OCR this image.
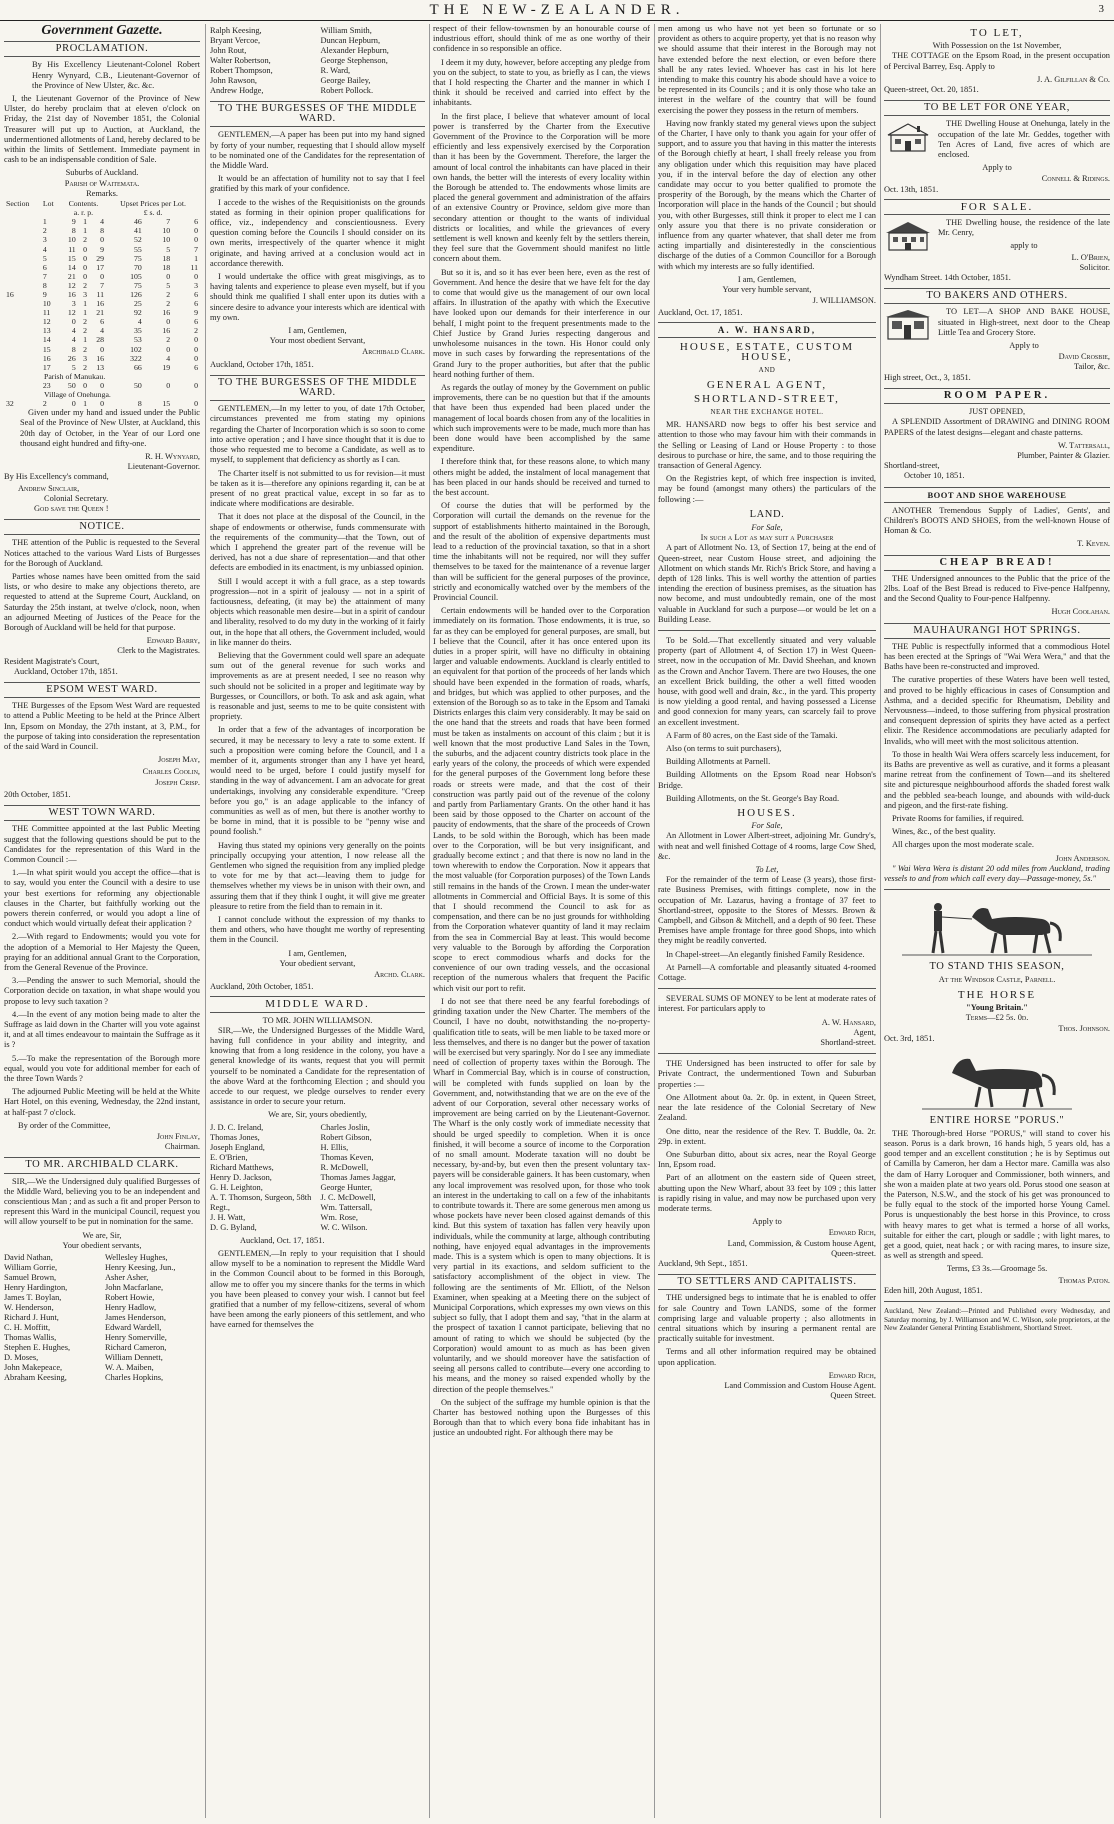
THE NEW-ZEALANDER.	3
Government Gazette.
PROCLAMATION.

By His Excellency Lieutenant-Colonel Robert Henry Wynyard, C.B., Lieutenant-Governor of the Province of New Ulster, &c. &c.

I, the Lieutenant Governor of the Province of New Ulster, do hereby proclaim that at eleven o'clock on Friday, the 21st day of November 1851, the Colonial Treasurer will put up to Auction, at Auckland, the undermentioned allotments of Land, hereby declared to be within the limits of Settlement. Immediate payment in cash to be an indispensable condition of Sale.

Suburbs of Auckland.
Parish of Waitemata.
Remarks.
Section	Lot	Contents.			Upset Prices per Lot.		
		a. r. p.			£ s. d.		
	1	9	1	4	46	7	6
	2	8	1	8	41	10	0
	3	10	2	0	52	10	0
	4	11	0	9	55	5	7
	5	15	0	29	75	18	1
	6	14	0	17	70	18	11
	7	21	0	0	105	0	0
	8	12	2	7	75	5	3
16	9	16	3	11	126	2	6
	10	3	1	16	25	2	6
	11	12	1	21	92	16	9
	12	0	2	6	4	0	6
	13	4	2	4	35	16	2
	14	4	1	28	53	2	0
	15	8	2	0	102	0	0
	16	26	3	16	322	4	0
	17	5	2	13	66	19	6
Parish of Manukau.							
	23	50	0	0	50	0	0
Village of Onehunga.							
32	2	0	1	0	8	15	0

Given under my hand and issued under the Public Seal of the Province of New Ulster, at Auckland, this 20th day of October, in the Year of our Lord one thousand eight hundred and fifty-one.

R. H. Wynyard,
Lieutenant-Governor.
By His Excellency's command,
Andrew Sinclair,
Colonial Secretary.
God save the Queen !
NOTICE.

THE attention of the Public is requested to the Several Notices attached to the various Ward Lists of Burgesses for the Borough of Auckland.

Parties whose names have been omitted from the said lists, or who desire to make any objections thereto, are requested to attend at the Supreme Court, Auckland, on Saturday the 25th instant, at twelve o'clock, noon, when an adjourned Meeting of Justices of the Peace for the Borough of Auckland will be held for that purpose.

Edward Barry,
Clerk to the Magistrates.
Resident Magistrate's Court,
Auckland, October 17th, 1851.
EPSOM WEST WARD.

THE Burgesses of the Epsom West Ward are requested to attend a Public Meeting to be held at the Prince Albert Inn, Epsom on Monday, the 27th instant, at 3, P.M., for the purpose of taking into consideration the representation of the said Ward in Council.

Joseph May,
Charles Coolin,
Joseph Crisp.
20th October, 1851.
WEST TOWN WARD.

THE Committee appointed at the last Public Meeting suggest that the following questions should be put to the Candidates for the representation of this Ward in the Common Council :—

1.—In what spirit would you accept the office—that is to say, would you enter the Council with a desire to use your best exertions for reforming any objectionable clauses in the Charter, but faithfully working out the powers therein conferred, or would you adopt a line of conduct which would virtually defeat their application ?

2.—With regard to Endowments; would you vote for the adoption of a Memorial to Her Majesty the Queen, praying for an additional annual Grant to the Corporation, from the General Revenue of the Province.

3.—Pending the answer to such Memorial, should the Corporation decide on taxation, in what shape would you propose to levy such taxation ?

4.—In the event of any motion being made to alter the Suffrage as laid down in the Charter will you vote against it, and at all times endeavour to maintain the Suffrage as it is ?

5.—To make the representation of the Borough more equal, would you vote for additional member for each of the three Town Wards ?

The adjourned Public Meeting will be held at the White Hart Hotel, on this evening, Wednesday, the 22nd instant, at half-past 7 o'clock.

By order of the Committee,
John Finlay,
Chairman.
TO MR. ARCHIBALD CLARK.

SIR,—We the Undersigned duly qualified Burgesses of the Middle Ward, believing you to be an independent and conscientious Man ; and as such a fit and proper Person to represent this Ward in the municipal Council, request you will allow yourself to be put in nomination for the same.

We are, Sir,
Your obedient servants,
David Nathan,
William Gorrie,
Samuel Brown,
Henry Hardington,
James T. Boylan,
W. Henderson,
Richard J. Hunt,
C. H. Moffitt,
Thomas Wallis,
Stephen E. Hughes,
D. Moses,
John Makepeace,
Abraham Keesing,
Wellesley Hughes,
Henry Keesing, Jun.,
Asher Asher,
John Macfarlane,
Robert Howie,
Henry Hadlow,
James Henderson,
Edward Wardell,
Henry Somerville,
Richard Cameron,
William Dennett,
W. A. Maiben,
Charles Hopkins,
Ralph Keesing,
Bryant Vercoe,
John Rout,
Walter Robertson,
Robert Thompson,
John Rawson,
Andrew Hodge,
William Smith,
Duncan Hepburn,
Alexander Hepburn,
George Stephenson,
R. Ward,
George Bailey,
Robert Pollock.
TO THE BURGESSES OF THE MIDDLE WARD.

GENTLEMEN,—A paper has been put into my hand signed by forty of your number, requesting that I should allow myself to be nominated one of the Candidates for the representation of the Middle Ward.

It would be an affectation of humility not to say that I feel gratified by this mark of your confidence.

I accede to the wishes of the Requisitionists on the grounds stated as forming in their opinion proper qualifications for office, viz., independency and conscientiousness. Every question coming before the Councils I should consider on its own merits, irrespectively of the quarter whence it might originate, and having arrived at a conclusion would act in accordance therewith.

I would undertake the office with great misgivings, as to having talents and experience to please even myself, but if you should think me qualified I shall enter upon its duties with a sincere desire to advance your interests which are identical with my own.

I am, Gentlemen,
Your most obedient Servant,
Archibald Clark.
Auckland, October 17th, 1851.
TO THE BURGESSES OF THE MIDDLE WARD.

GENTLEMEN,—In my letter to you, of date 17th October, circumstances prevented me from stating my opinions regarding the Charter of Incorporation which is so soon to come into active operation ; and I have since thought that it is due to those who requested me to become a Candidate, as well as to myself, to supplement that deficiency as shortly as I can.

The Charter itself is not submitted to us for revision—it must be taken as it is—therefore any opinions regarding it, can be at present of no great practical value, except in so far as to indicate where modifications are desirable.

That it does not place at the disposal of the Council, in the shape of endowments or otherwise, funds commensurate with the requirements of the community—that the Town, out of which I apprehend the greater part of the revenue will be derived, has not a due share of representation—and that other defects are embodied in its enactment, is my unbiassed opinion.

Still I would accept it with a full grace, as a step towards progression—not in a spirit of jealousy — not in a spirit of factiousness, defeating, (it may be) the attainment of many objects which reasonable men desire—but in a spirit of candour and liberality, resolved to do my duty in the working of it fairly out, in the hope that all others, the Government included, would in like manner do theirs.

Believing that the Government could well spare an adequate sum out of the general revenue for such works and improvements as are at present needed, I see no reason why such should not be solicited in a proper and legitimate way by Burgesses, or Councillors, or both. To ask and ask again, what is reasonable and just, seems to me to be quite consistent with propriety.

In order that a few of the advantages of incorporation be secured, it may be necessary to levy a rate to some extent. If such a proposition were coming before the Council, and I a member of it, arguments stronger than any I have yet heard, would need to be urged, before I could justify myself for standing in the way of advancement. I am an advocate for great undertakings, involving any considerable expenditure. "Creep before you go," is an adage applicable to the infancy of communities as well as of men, but there is another worthy to be borne in mind, that it is possible to be "penny wise and pound foolish."

Having thus stated my opinions very generally on the points principally occupying your attention, I now release all the Gentlemen who signed the requisition from any implied pledge to vote for me by that act—leaving them to judge for themselves whether my views be in unison with their own, and assuring them that if they think I ought, it will give me greater pleasure to retire from the field than to remain in it.

I cannot conclude without the expression of my thanks to them and others, who have thought me worthy of representing them in the Council.

I am, Gentlemen,
Your obedient servant,
Archd. Clark.
Auckland, 20th October, 1851.
MIDDLE WARD.
TO MR. JOHN WILLIAMSON.

SIR,—We, the Undersigned Burgesses of the Middle Ward, having full confidence in your ability and integrity, and knowing that from a long residence in the colony, you have a general knowledge of its wants, request that you will permit yourself to be nominated a Candidate for the representation of the above Ward at the forthcoming Election ; and should you accede to our request, we pledge ourselves to render every assistance in order to secure your return.

We are, Sir, yours obediently,
J. D. C. Ireland,
Thomas Jones,
Joseph England,
E. O'Brien,
Richard Matthews,
Henry D. Jackson,
G. H. Leighton,
A. T. Thomson, Surgeon, 58th Regt.,
J. H. Watt,
D. G. Byland,
Charles Joslin,
Robert Gibson,
H. Ellis,
Thomas Keven,
R. McDowell,
Thomas James Jaggar,
George Hunter,
J. C. McDowell,
Wm. Tattersall,
Wm. Rose,
W. C. Wilson.
Auckland, Oct. 17, 1851.

GENTLEMEN,—In reply to your requisition that I should allow myself to be a nomination to represent the Middle Ward in the Common Council about to be formed in this Borough, allow me to offer you my sincere thanks for the terms in which you have been pleased to convey your wish. I cannot but feel gratified that a number of my fellow-citizens, several of whom have been among the early pioneers of this settlement, and who have earned for themselves the

respect of their fellow-townsmen by an honourable course of industrious effort, should think of me as one worthy of their confidence in so responsible an office.

I deem it my duty, however, before accepting any pledge from you on the subject, to state to you, as briefly as I can, the views that I hold respecting the Charter and the manner in which I think it should be received and carried into effect by the inhabitants.

In the first place, I believe that whatever amount of local power is transferred by the Charter from the Executive Government of the Province to the Corporation will be more efficiently and less expensively exercised by the Corporation than it has been by the Government. Therefore, the larger the amount of local control the inhabitants can have placed in their own hands, the better will the interests of every locality within the Borough be attended to. The endowments whose limits are placed the general government and administration of the affairs of an extensive Country or Province, seldom give more than secondary attention or thought to the wants of individual districts or localities, and while the grievances of every settlement is well known and keenly felt by the settlers therein, they feel sure that the Government should manifest no little concern about them.

But so it is, and so it has ever been here, even as the rest of Government. And hence the desire that we have felt for the day to come that would give us the management of our own local affairs. In illustration of the apathy with which the Executive have looked upon our demands for their interference in our behalf, I might point to the frequent presentments made to the Chief Justice by Grand Juries respecting dangerous and unwholesome nuisances in the town. His Honor could only move in such cases by forwarding the representations of the Grand Jury to the proper authorities, but after that the public heard nothing further of them.

As regards the outlay of money by the Government on public improvements, there can be no question but that if the amounts that have been thus expended had been placed under the management of local boards chosen from any of the localities in which such improvements were to be made, much more than has been done would have been accomplished by the same expenditure.

I therefore think that, for these reasons alone, to which many others might be added, the instalment of local management that has been placed in our hands should be received and turned to the best account.

Of course the duties that will be performed by the Corporation will curtail the demands on the revenue for the support of establishments hitherto maintained in the Borough, and the result of the abolition of expensive departments must lead to a reduction of the provincial taxation, so that in a short time the inhabitants will not be required, nor will they suffer themselves to be taxed for the maintenance of a revenue larger than will be sufficient for the general purposes of the province, strictly and economically watched over by the members of the Provincial Council.

Certain endowments will be handed over to the Corporation immediately on its formation. Those endowments, it is true, so far as they can be employed for general purposes, are small, but I believe that the Council, after it has once entered upon its duties in a proper spirit, will have no difficulty in obtaining larger and valuable endowments. Auckland is clearly entitled to an equivalent for that portion of the proceeds of her lands which should have been expended in the formation of roads, wharfs, and bridges, but which was applied to other purposes, and the extension of the Borough so as to take in the Epsom and Tamaki Districts enlarges this claim very considerably. It may be said on the one hand that the streets and roads that have been formed must be taken as instalments on account of this claim ; but it is well known that the most productive Land Sales in the Town, the suburbs, and the adjacent country districts took place in the early years of the colony, the proceeds of which were expended for the general purposes of the Government long before these roads or streets were made, and that the cost of their construction was partly paid out of the revenue of the colony and partly from Parliamentary Grants. On the other hand it has been said by those opposed to the Charter on account of the paucity of endowments, that the share of the proceeds of Crown Lands, to be sold within the Borough, which has been made over to the Corporation, will be but very insignificant, and gradually become extinct ; and that there is now no land in the town wherewith to endow the Corporation. Now it appears that the most valuable (for Corporation purposes) of the Town Lands still remains in the hands of the Crown. I mean the under-water allotments in Commercial and Official Bays. It is some of this that I should recommend the Council to ask for as compensation, and there can be no just grounds for withholding from the Corporation whatever quantity of land it may reclaim from the sea in Commercial Bay at least. This would become very valuable to the Borough by affording the Corporation scope to erect commodious wharfs and docks for the convenience of our own trading vessels, and the occasional reception of the numerous whalers that frequent the Pacific which visit our port to refit.

I do not see that there need be any fearful forebodings of grinding taxation under the New Charter. The members of the Council, I have no doubt, notwithstanding the no-property-qualification title to seats, will be men liable to be taxed more or less themselves, and there is no danger but the power of taxation will be exercised but very sparingly. Nor do I see any immediate need of collection of property taxes within the Borough. The Wharf in Commercial Bay, which is in course of construction, will be completed with funds supplied on loan by the Government, and, notwithstanding that we are on the eve of the advent of our Corporation, several other necessary works of improvement are being carried on by the Lieutenant-Governor. The Wharf is the only costly work of immediate necessity that should be urged speedily to completion. When it is once finished, it will become a source of income to the Corporation of no small amount. Moderate taxation will no doubt be necessary, by-and-by, but even then the present voluntary tax-payers will be considerable gainers. It has been customary, when any local improvement was resolved upon, for those who took an interest in the undertaking to call on a few of the inhabitants to contribute towards it. There are some generous men among us whose pockets have never been closed against demands of this kind. But this system of taxation has fallen very heavily upon individuals, while the community at large, although contributing nothing, have enjoyed equal advantages in the improvements made. This is a system which is open to many objections. It is very partial in its exactions, and seldom sufficient to the satisfactory accomplishment of the object in view. The following are the sentiments of Mr. Elliott, of the Nelson Examiner, when speaking at a Meeting there on the subject of Municipal Corporations, which expresses my own views on this subject so fully, that I adopt them and say, "that in the alarm at the prospect of taxation I cannot participate, believing that no amount of rating to which we should be subjected (by the Corporation) would amount to as much as has been given voluntarily, and we should moreover have the satisfaction of seeing all persons called to contribute—every one according to his means, and the money so raised expended wholly by the direction of the people themselves."

On the subject of the suffrage my humble opinion is that the Charter has bestowed nothing upon the Burgesses of this Borough than that to which every bona fide inhabitant has in justice an undoubted right. For although there may be

men among us who have not yet been so fortunate or so provident as others to acquire property, yet that is no reason why we should assume that their interest in the Borough may not have extended before the next election, or even before there shall be any rates levied. Whoever has cast in his lot here intending to make this country his abode should have a voice to be represented in its Councils ; and it is only those who take an interest in the welfare of the country that will be found exercising the power they possess in the return of members.

Having now frankly stated my general views upon the subject of the Charter, I have only to thank you again for your offer of support, and to assure you that having in this matter the interests of the Borough chiefly at heart, I shall freely release you from any obligation under which this requisition may have placed you, if in the interval before the day of election any other candidate may occur to you better qualified to promote the prosperity of the Borough, by the means which the Charter of Incorporation will place in the hands of the Council ; but should you, with other Burgesses, still think it proper to elect me I can only assure you that there is no private consideration or influence from any quarter whatever, that shall deter me from acting impartially and disinterestedly in the conscientious discharge of the duties of a Common Councillor for a Borough with which my interests are so fully identified.

I am, Gentlemen,
Your very humble servant,
J. WILLIAMSON.
Auckland, Oct. 17, 1851.
A. W. HANSARD,
HOUSE, ESTATE, CUSTOM HOUSE,
AND
GENERAL AGENT,
SHORTLAND-STREET,
NEAR THE EXCHANGE HOTEL.

MR. HANSARD now begs to offer his best service and attention to those who may favour him with their commands in the Selling or Leasing of Land or House Property : to those desirous to purchase or hire, the same, and to those requiring the transaction of General Agency.

On the Registries kept, of which free inspection is invited, may be found (amongst many others) the particulars of the following :—

LAND.
For Sale,
In such a Lot as may suit a Purchaser

A part of Allotment No. 13, of Section 17, being at the end of Queen-street, near Custom House street, and adjoining the Allotment on which stands Mr. Rich's Brick Store, and having a depth of 128 links. This is well worthy the attention of parties intending the erection of business premises, as the situation has now become, and must undoubtedly remain, one of the most valuable in Auckland for such a purpose—or would be let on a Building Lease.

To be Sold.—That excellently situated and very valuable property (part of Allotment 4, of Section 17) in West Queen-street, now in the occupation of Mr. David Sheehan, and known as the Crown and Anchor Tavern. There are two Houses, the one an excellent Brick building, the other a well fitted wooden house, with good well and drain, &c., in the yard. This property is now yielding a good rental, and having possessed a License and good connexion for many years, can scarcely fail to prove an excellent investment.

A Farm of 80 acres, on the East side of the Tamaki.

Also (on terms to suit purchasers),

Building Allotments at Parnell.

Building Allotments on the Epsom Road near Hobson's Bridge.

Building Allotments, on the St. George's Bay Road.

HOUSES.
For Sale,

An Allotment in Lower Albert-street, adjoining Mr. Gundry's, with neat and well finished Cottage of 4 rooms, large Cow Shed, &c.

To Let,

For the remainder of the term of Lease (3 years), those first-rate Business Premises, with fittings complete, now in the occupation of Mr. Lazarus, having a frontage of 37 feet to Shortland-street, opposite to the Stores of Messrs. Brown & Campbell, and Gibson & Mitchell, and a depth of 90 feet. These Premises have ample frontage for three good Shops, into which they might be readily converted.

In Chapel-street—An elegantly finished Family Residence.

At Parnell—A comfortable and pleasantly situated 4-roomed Cottage.

SEVERAL SUMS OF MONEY to be lent at moderate rates of interest. For particulars apply to

A. W. Hansard,
Agent,
Shortland-street.

THE Undersigned has been instructed to offer for sale by Private Contract, the undermentioned Town and Suburban properties :—

One Allotment about 0a. 2r. 0p. in extent, in Queen Street, near the late residence of the Colonial Secretary of New Zealand.

One ditto, near the residence of the Rev. T. Buddle, 0a. 2r. 29p. in extent.

One Suburban ditto, about six acres, near the Royal George Inn, Epsom road.

Part of an allotment on the eastern side of Queen street, abutting upon the New Wharf, about 33 feet by 109 ; this latter is rapidly rising in value, and may now be purchased upon very moderate terms.

Apply to
Edward Rich,
Land, Commission, & Custom house Agent,
Queen-street.
Auckland, 9th Sept., 1851.
TO SETTLERS AND CAPITALISTS.

THE undersigned begs to intimate that he is enabled to offer for sale Country and Town LANDS, some of the former comprising large and valuable property ; also allotments in central situations which by insuring a permanent rental are practically suitable for investment.

Terms and all other information required may be obtained upon application.

Edward Rich,
Land Commission and Custom House Agent.
Queen Street.
TO LET,
With Possession on the 1st November,

THE COTTAGE on the Epsom Road, in the present occupation of Percival Barrey, Esq. Apply to

J. A. Gilfillan & Co.
Queen-street, Oct. 20, 1851.
TO BE LET FOR ONE YEAR,

THE Dwelling House at Onehunga, lately in the occupation of the late Mr. Geddes, together with Ten Acres of Land, five acres of which are enclosed.

Apply to
Connell & Ridings.
Oct. 13th, 1851.
FOR SALE.

THE Dwelling house, the residence of the late Mr. Cenry,

apply to
L. O'Brien,
Solicitor.
Wyndham Street. 14th October, 1851.
TO BAKERS AND OTHERS.

TO LET—A SHOP AND BAKE HOUSE, situated in High-street, next door to the Cheap Little Tea and Grocery Store.

Apply to
David Crosbie,
Tailor, &c.
High street, Oct., 3, 1851.
ROOM PAPER.
JUST OPENED,

A SPLENDID Assortment of DRAWING and DINING ROOM PAPERS of the latest designs—elegant and chaste patterns.

W. Tattersall,
Plumber, Painter & Glazier.
Shortland-street,
October 10, 1851.
BOOT AND SHOE WAREHOUSE

ANOTHER Tremendous Supply of Ladies', Gents', and Children's BOOTS AND SHOES, from the well-known House of Homan & Co.

T. Keven.
CHEAP BREAD!

THE Undersigned announces to the Public that the price of the 2lbs. Loaf of the Best Bread is reduced to Five-pence Halfpenny, and the Second Quality to Four-pence Halfpenny.

Hugh Coolahan.
MAUHAURANGI HOT SPRINGS.

THE Public is respectfully informed that a commodious Hotel has been erected at the Springs of "Wai Wera Wera," and that the Baths have been re-constructed and improved.

The curative properties of these Waters have been well tested, and proved to be highly efficacious in cases of Consumption and Asthma, and a decided specific for Rheumatism, Debility and Nervousness—indeed, to those suffering from physical prostration and consequent depression of spirits they have acted as a perfect elixir. The Residence accommodations are peculiarly adapted for Invalids, who will meet with the most solicitous attention.

To those in health Wai Wera offers scarcely less inducement, for its Baths are preventive as well as curative, and it forms a pleasant marine retreat from the confinement of Town—and its sheltered site and picturesque neighbourhood affords the shaded forest walk and the pebbled sea-beach lounge, and abounds with wild-duck and pigeon, and the first-rate fishing.

Private Rooms for families, if required.

Wines, &c., of the best quality.

All charges upon the most moderate scale.

John Anderson.

" Wai Wera Wera is distant 20 odd miles from Auckland, trading vessels to and from which call every day—Passage-money, 5s."

TO STAND THIS SEASON,
At the Windsor Castle, Parnell.
THE HORSE
"Young Britain."
Terms—£2 5s. 0d.
Thos. Johnson.
Oct. 3rd, 1851.
ENTIRE HORSE "PORUS."

THE Thorough-bred Horse "PORUS," will stand to cover his season. Porus is a dark brown, 16 hands high, 5 years old, has a good temper and an excellent constitution ; he is by Septimus out of Camilla by Cameron, her dam a Hector mare. Camilla was also the dam of Harry Loroquer and Commissioner, both winners, and she won a maiden plate at two years old. Porus stood one season at the Paterson, N.S.W., and the stock of his get was pronounced to be fully equal to the stock of the imported horse Young Camel. Porus is unquestionably the best horse in this Province, to cross with heavy mares to get what is termed a horse of all works, suitable for either the cart, plough or saddle ; with light mares, to get a good, quiet, neat hack ; or with racing mares, to insure size, as well as strength and speed.

Terms, £3 3s.—Groomage 5s.
Thomas Paton.
Eden hill, 20th August, 1851.

Auckland, New Zealand:—Printed and Published every Wednesday, and Saturday morning, by J. Williamson and W. C. Wilson, sole proprietors, at the New Zealander General Printing Establishment, Shortland Street.
